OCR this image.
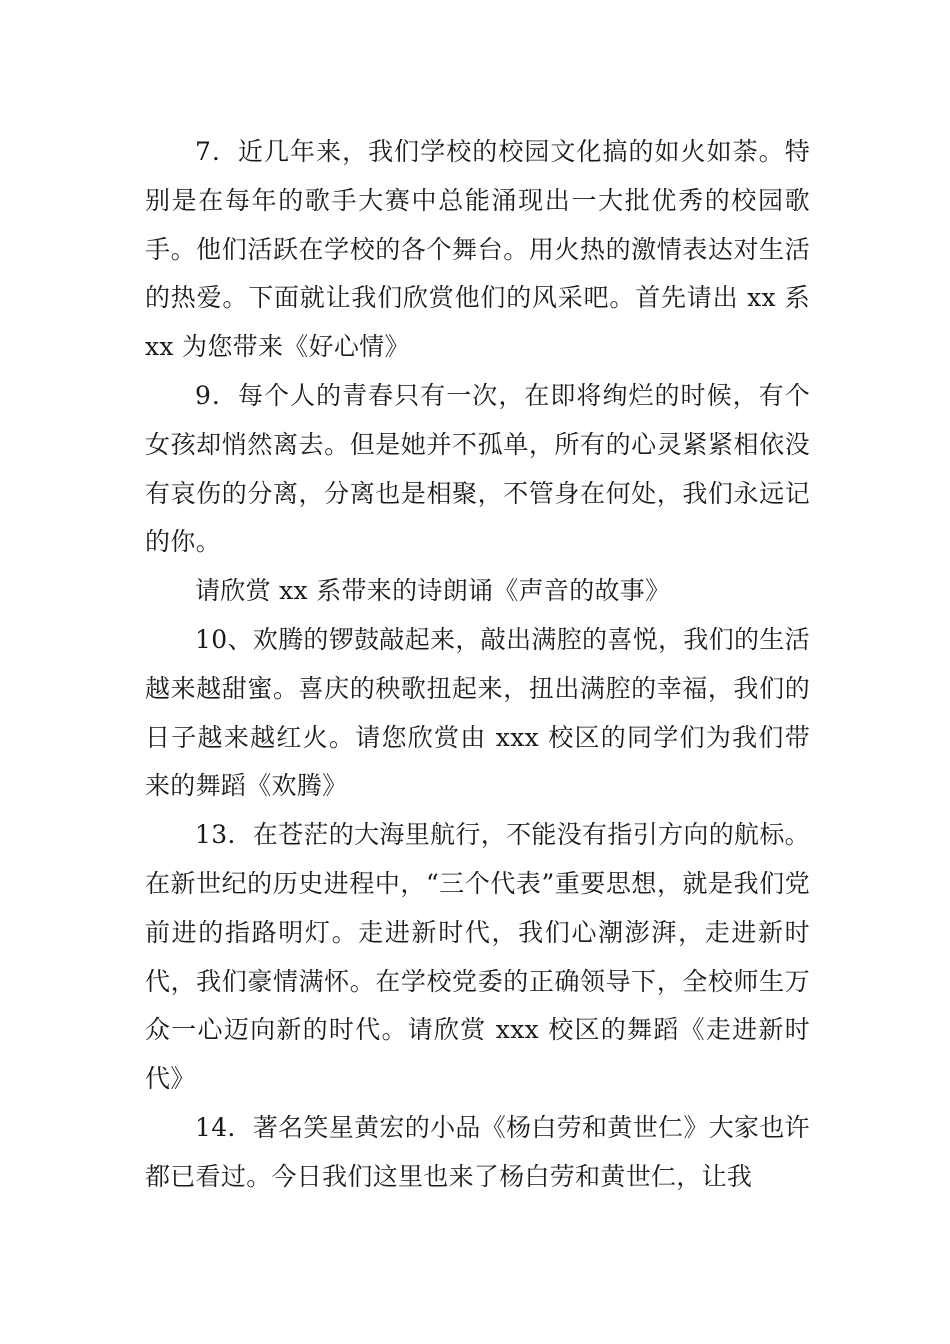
7．近几年来，我们学校的校园文化搞的如火如荼。特别是在每年的歌手大赛中总能涌现出一大批优秀的校园歌手。他们活跃在学校的各个舞台。用火热的激情表达对生活的热爱。下面就让我们欣赏他们的风采吧。首先请出 xx 系 xx 为您带来《好心情》

9．每个人的青春只有一次，在即将绚烂的时候，有个女孩却悄然离去。但是她并不孤单，所有的心灵紧紧相依没有哀伤的分离，分离也是相聚，不管身在何处，我们永远记的你。

请欣赏 xx 系带来的诗朗诵《声音的故事》

10、欢腾的锣鼓敲起来，敲出满腔的喜悦，我们的生活越来越甜蜜。喜庆的秧歌扭起来，扭出满腔的幸福，我们的日子越来越红火。请您欣赏由 xxx 校区的同学们为我们带来的舞蹈《欢腾》

13．在苍茫的大海里航行，不能没有指引方向的航标。在新世纪的历史进程中，“三个代表”重要思想，就是我们党前进的指路明灯。走进新时代，我们心潮澎湃，走进新时代，我们豪情满怀。在学校党委的正确领导下，全校师生万众一心迈向新的时代。请欣赏 xxx 校区的舞蹈《走进新时代》

14．著名笑星黄宏的小品《杨白劳和黄世仁》大家也许都已看过。今日我们这里也来了杨白劳和黄世仁，让我
